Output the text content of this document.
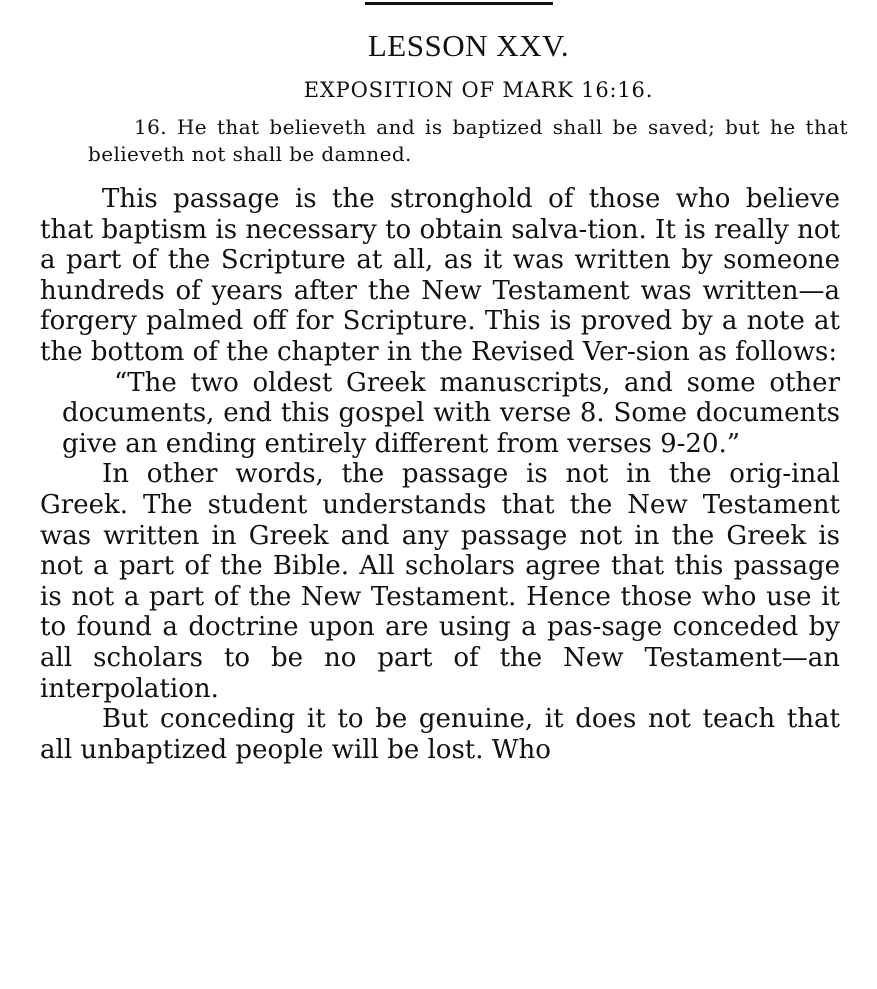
LESSON XXV.
EXPOSITION OF MARK 16:16.

16. He that believeth and is baptized shall be saved; but he that believeth not shall be damned.

This passage is the stronghold of those who believe that baptism is necessary to obtain salva-tion. It is really not a part of the Scripture at all, as it was written by someone hundreds of years after the New Testament was written—a forgery palmed off for Scripture. This is proved by a note at the bottom of the chapter in the Revised Ver-sion as follows:

“The two oldest Greek manuscripts, and some other documents, end this gospel with verse 8. Some documents give an ending entirely different from verses 9-20.”

In other words, the passage is not in the orig-inal Greek. The student understands that the New Testament was written in Greek and any passage not in the Greek is not a part of the Bible. All scholars agree that this passage is not a part of the New Testament. Hence those who use it to found a doctrine upon are using a pas-sage conceded by all scholars to be no part of the New Testament—an interpolation.

But conceding it to be genuine, it does not teach that all unbaptized people will be lost. Who
